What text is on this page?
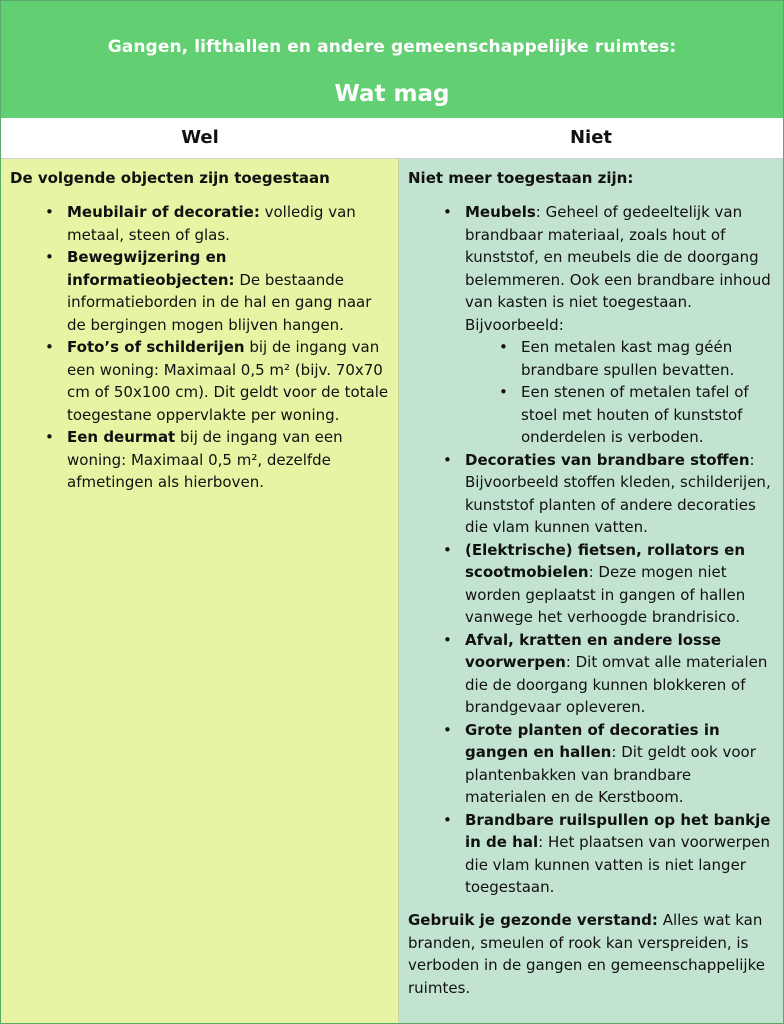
Gangen, lifthallen en andere gemeenschappelijke ruimtes:
Wat mag
Wel	Niet
De volgende objecten zijn toegestaan
• Meubilair of decoratie: volledig van metaal, steen of glas.
• Bewegwijzering en informatieobjecten: De bestaande informatieborden in de hal en gang naar de bergingen mogen blijven hangen.
• Foto’s of schilderijen bij de ingang van een woning: Maximaal 0,5 m² (bijv. 70x70 cm of 50x100 cm). Dit geldt voor de totale toegestane oppervlakte per woning.
• Een deurmat bij de ingang van een woning: Maximaal 0,5 m², dezelfde afmetingen als hierboven.
Niet meer toegestaan zijn:
• Meubels: Geheel of gedeeltelijk van brandbaar materiaal, zoals hout of kunststof, en meubels die de doorgang belemmeren. Ook een brandbare inhoud van kasten is niet toegestaan. Bijvoorbeeld:
• Een metalen kast mag géén brandbare spullen bevatten.
• Een stenen of metalen tafel of stoel met houten of kunststof onderdelen is verboden.
• Decoraties van brandbare stoffen: Bijvoorbeeld stoffen kleden, schilderijen, kunststof planten of andere decoraties die vlam kunnen vatten.
• (Elektrische) fietsen, rollators en scootmobielen: Deze mogen niet worden geplaatst in gangen of hallen vanwege het verhoogde brandrisico.
• Afval, kratten en andere losse voorwerpen: Dit omvat alle materialen die de doorgang kunnen blokkeren of brandgevaar opleveren.
• Grote planten of decoraties in gangen en hallen: Dit geldt ook voor plantenbakken van brandbare materialen en de Kerstboom.
• Brandbare ruilspullen op het bankje in de hal: Het plaatsen van voorwerpen die vlam kunnen vatten is niet langer toegestaan.
Gebruik je gezonde verstand: Alles wat kan branden, smeulen of rook kan verspreiden, is verboden in de gangen en gemeenschappelijke ruimtes.
